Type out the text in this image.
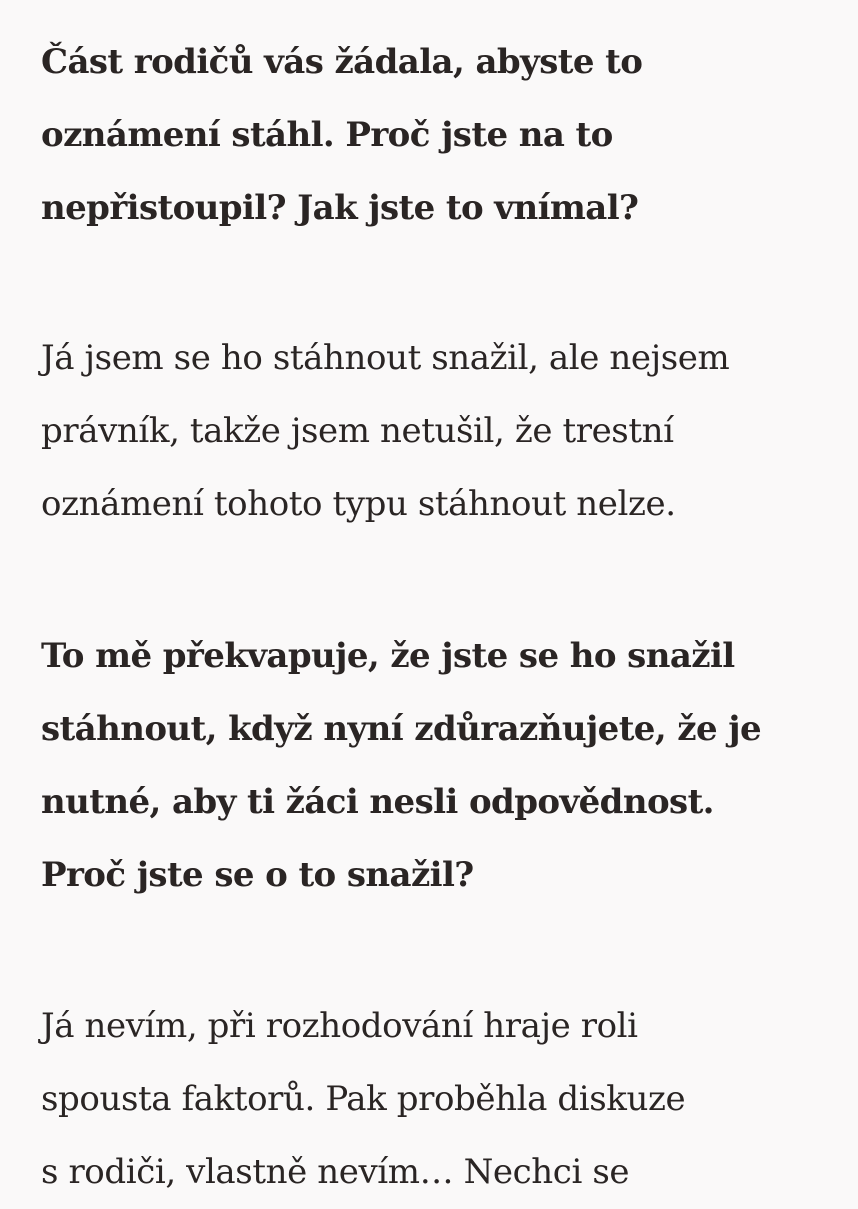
Část rodičů vás žádala, abyste to
oznámení stáhl. Proč jste na to
nepřistoupil? Jak jste to vnímal?

Já jsem se ho stáhnout snažil, ale nejsem
právník, takže jsem netušil, že trestní
oznámení tohoto typu stáhnout nelze.

To mě překvapuje, že jste se ho snažil
stáhnout, když nyní zdůrazňujete, že je
nutné, aby ti žáci nesli odpovědnost.
Proč jste se o to snažil?

Já nevím, při rozhodování hraje roli
spousta faktorů. Pak proběhla diskuze
s rodiči, vlastně nevím… Nechci se
